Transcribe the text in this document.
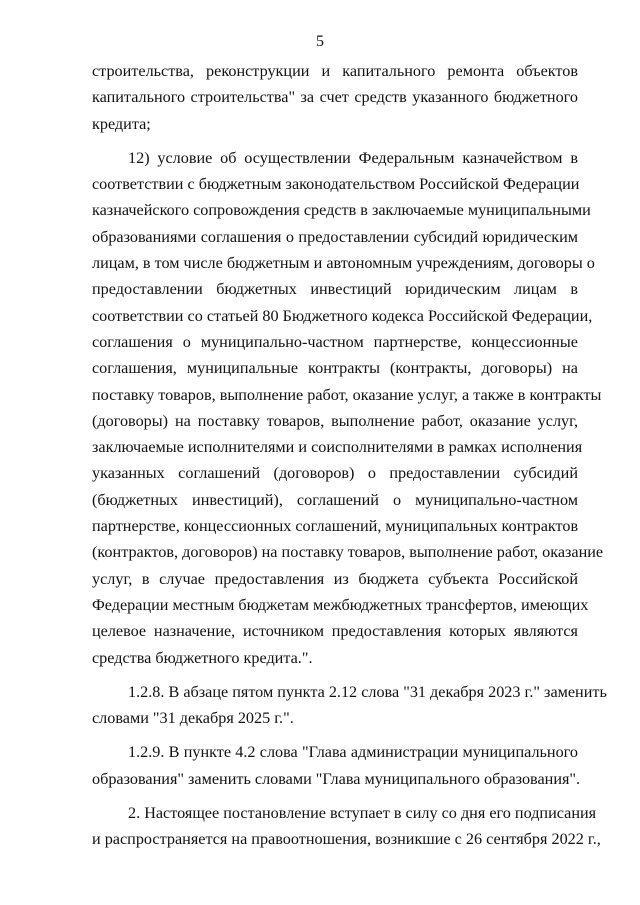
5
строительства, реконструкции и капитального ремонта объектов
капитального строительства" за счет средств указанного бюджетного
кредита;
12) условие об осуществлении Федеральным казначейством в
соответствии с бюджетным законодательством Российской Федерации
казначейского сопровождения средств в заключаемые муниципальными
образованиями соглашения о предоставлении субсидий юридическим
лицам, в том числе бюджетным и автономным учреждениям, договоры о
предоставлении бюджетных инвестиций юридическим лицам в
соответствии со статьей 80 Бюджетного кодекса Российской Федерации,
соглашения о муниципально-частном партнерстве, концессионные
соглашения, муниципальные контракты (контракты, договоры) на
поставку товаров, выполнение работ, оказание услуг, а также в контракты
(договоры) на поставку товаров, выполнение работ, оказание услуг,
заключаемые исполнителями и соисполнителями в рамках исполнения
указанных соглашений (договоров) о предоставлении субсидий
(бюджетных инвестиций), соглашений о муниципально-частном
партнерстве, концессионных соглашений, муниципальных контрактов
(контрактов, договоров) на поставку товаров, выполнение работ, оказание
услуг, в случае предоставления из бюджета субъекта Российской
Федерации местным бюджетам межбюджетных трансфертов, имеющих
целевое назначение, источником предоставления которых являются
средства бюджетного кредита.".
1.2.8. В абзаце пятом пункта 2.12 слова "31 декабря 2023 г." заменить
словами "31 декабря 2025 г.".
1.2.9. В пункте 4.2 слова "Глава администрации муниципального
образования" заменить словами "Глава муниципального образования".
2. Настоящее постановление вступает в силу со дня его подписания
и распространяется на правоотношения, возникшие с 26 сентября 2022 г.,
